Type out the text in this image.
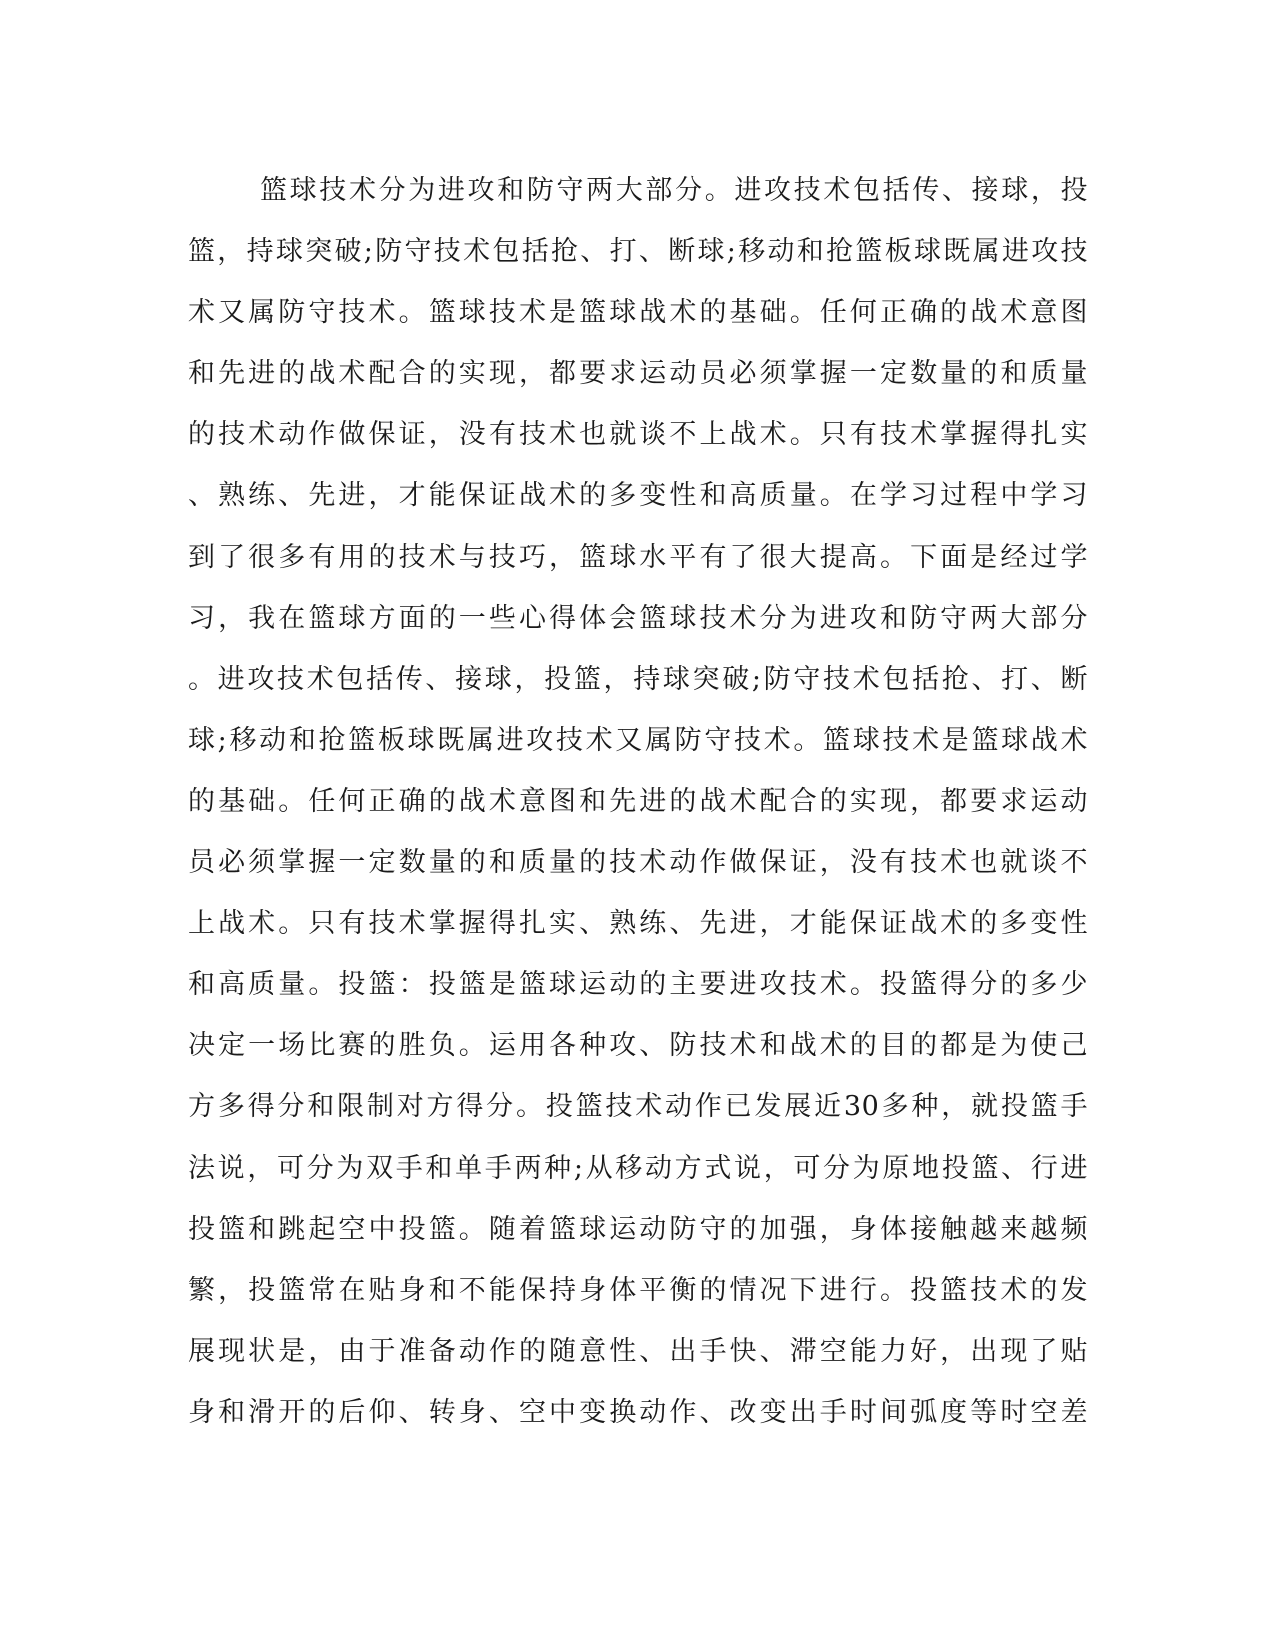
篮球技术分为进攻和防守两大部分。进攻技术包括传、接球，投
篮，持球突破;防守技术包括抢、打、断球;移动和抢篮板球既属进攻技
术又属防守技术。篮球技术是篮球战术的基础。任何正确的战术意图
和先进的战术配合的实现，都要求运动员必须掌握一定数量的和质量
的技术动作做保证，没有技术也就谈不上战术。只有技术掌握得扎实
、熟练、先进，才能保证战术的多变性和高质量。在学习过程中学习
到了很多有用的技术与技巧，篮球水平有了很大提高。下面是经过学
习，我在篮球方面的一些心得体会篮球技术分为进攻和防守两大部分
。进攻技术包括传、接球，投篮，持球突破;防守技术包括抢、打、断
球;移动和抢篮板球既属进攻技术又属防守技术。篮球技术是篮球战术
的基础。任何正确的战术意图和先进的战术配合的实现，都要求运动
员必须掌握一定数量的和质量的技术动作做保证，没有技术也就谈不
上战术。只有技术掌握得扎实、熟练、先进，才能保证战术的多变性
和高质量。投篮：投篮是篮球运动的主要进攻技术。投篮得分的多少
决定一场比赛的胜负。运用各种攻、防技术和战术的目的都是为使己
方多得分和限制对方得分。投篮技术动作已发展近30多种，就投篮手
法说，可分为双手和单手两种;从移动方式说，可分为原地投篮、行进
投篮和跳起空中投篮。随着篮球运动防守的加强，身体接触越来越频
繁，投篮常在贴身和不能保持身体平衡的情况下进行。投篮技术的发
展现状是，由于准备动作的随意性、出手快、滞空能力好，出现了贴
身和滑开的后仰、转身、空中变换动作、改变出手时间弧度等时空差
